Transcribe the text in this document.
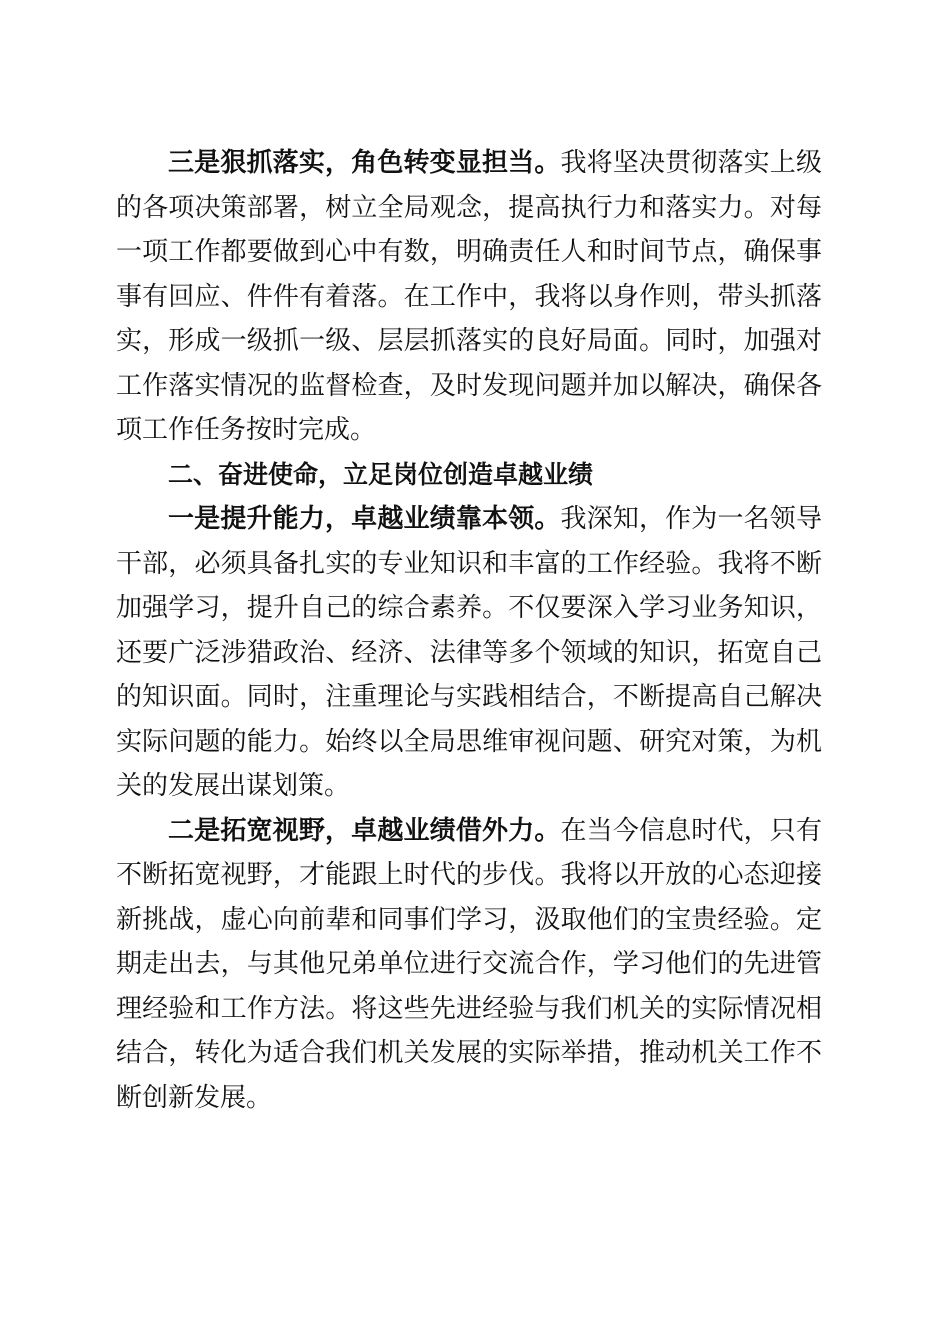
三是狠抓落实，角色转变显担当。我将坚决贯彻落实上级的各项决策部署，树立全局观念，提高执行力和落实力。对每一项工作都要做到心中有数，明确责任人和时间节点，确保事事有回应、件件有着落。在工作中，我将以身作则，带头抓落实，形成一级抓一级、层层抓落实的良好局面。同时，加强对工作落实情况的监督检查，及时发现问题并加以解决，确保各项工作任务按时完成。

二、奋进使命，立足岗位创造卓越业绩

一是提升能力，卓越业绩靠本领。我深知，作为一名领导干部，必须具备扎实的专业知识和丰富的工作经验。我将不断加强学习，提升自己的综合素养。不仅要深入学习业务知识，还要广泛涉猎政治、经济、法律等多个领域的知识，拓宽自己的知识面。同时，注重理论与实践相结合，不断提高自己解决实际问题的能力。始终以全局思维审视问题、研究对策，为机关的发展出谋划策。

二是拓宽视野，卓越业绩借外力。在当今信息时代，只有不断拓宽视野，才能跟上时代的步伐。我将以开放的心态迎接新挑战，虚心向前辈和同事们学习，汲取他们的宝贵经验。定期走出去，与其他兄弟单位进行交流合作，学习他们的先进管理经验和工作方法。将这些先进经验与我们机关的实际情况相结合，转化为适合我们机关发展的实际举措，推动机关工作不断创新发展。
